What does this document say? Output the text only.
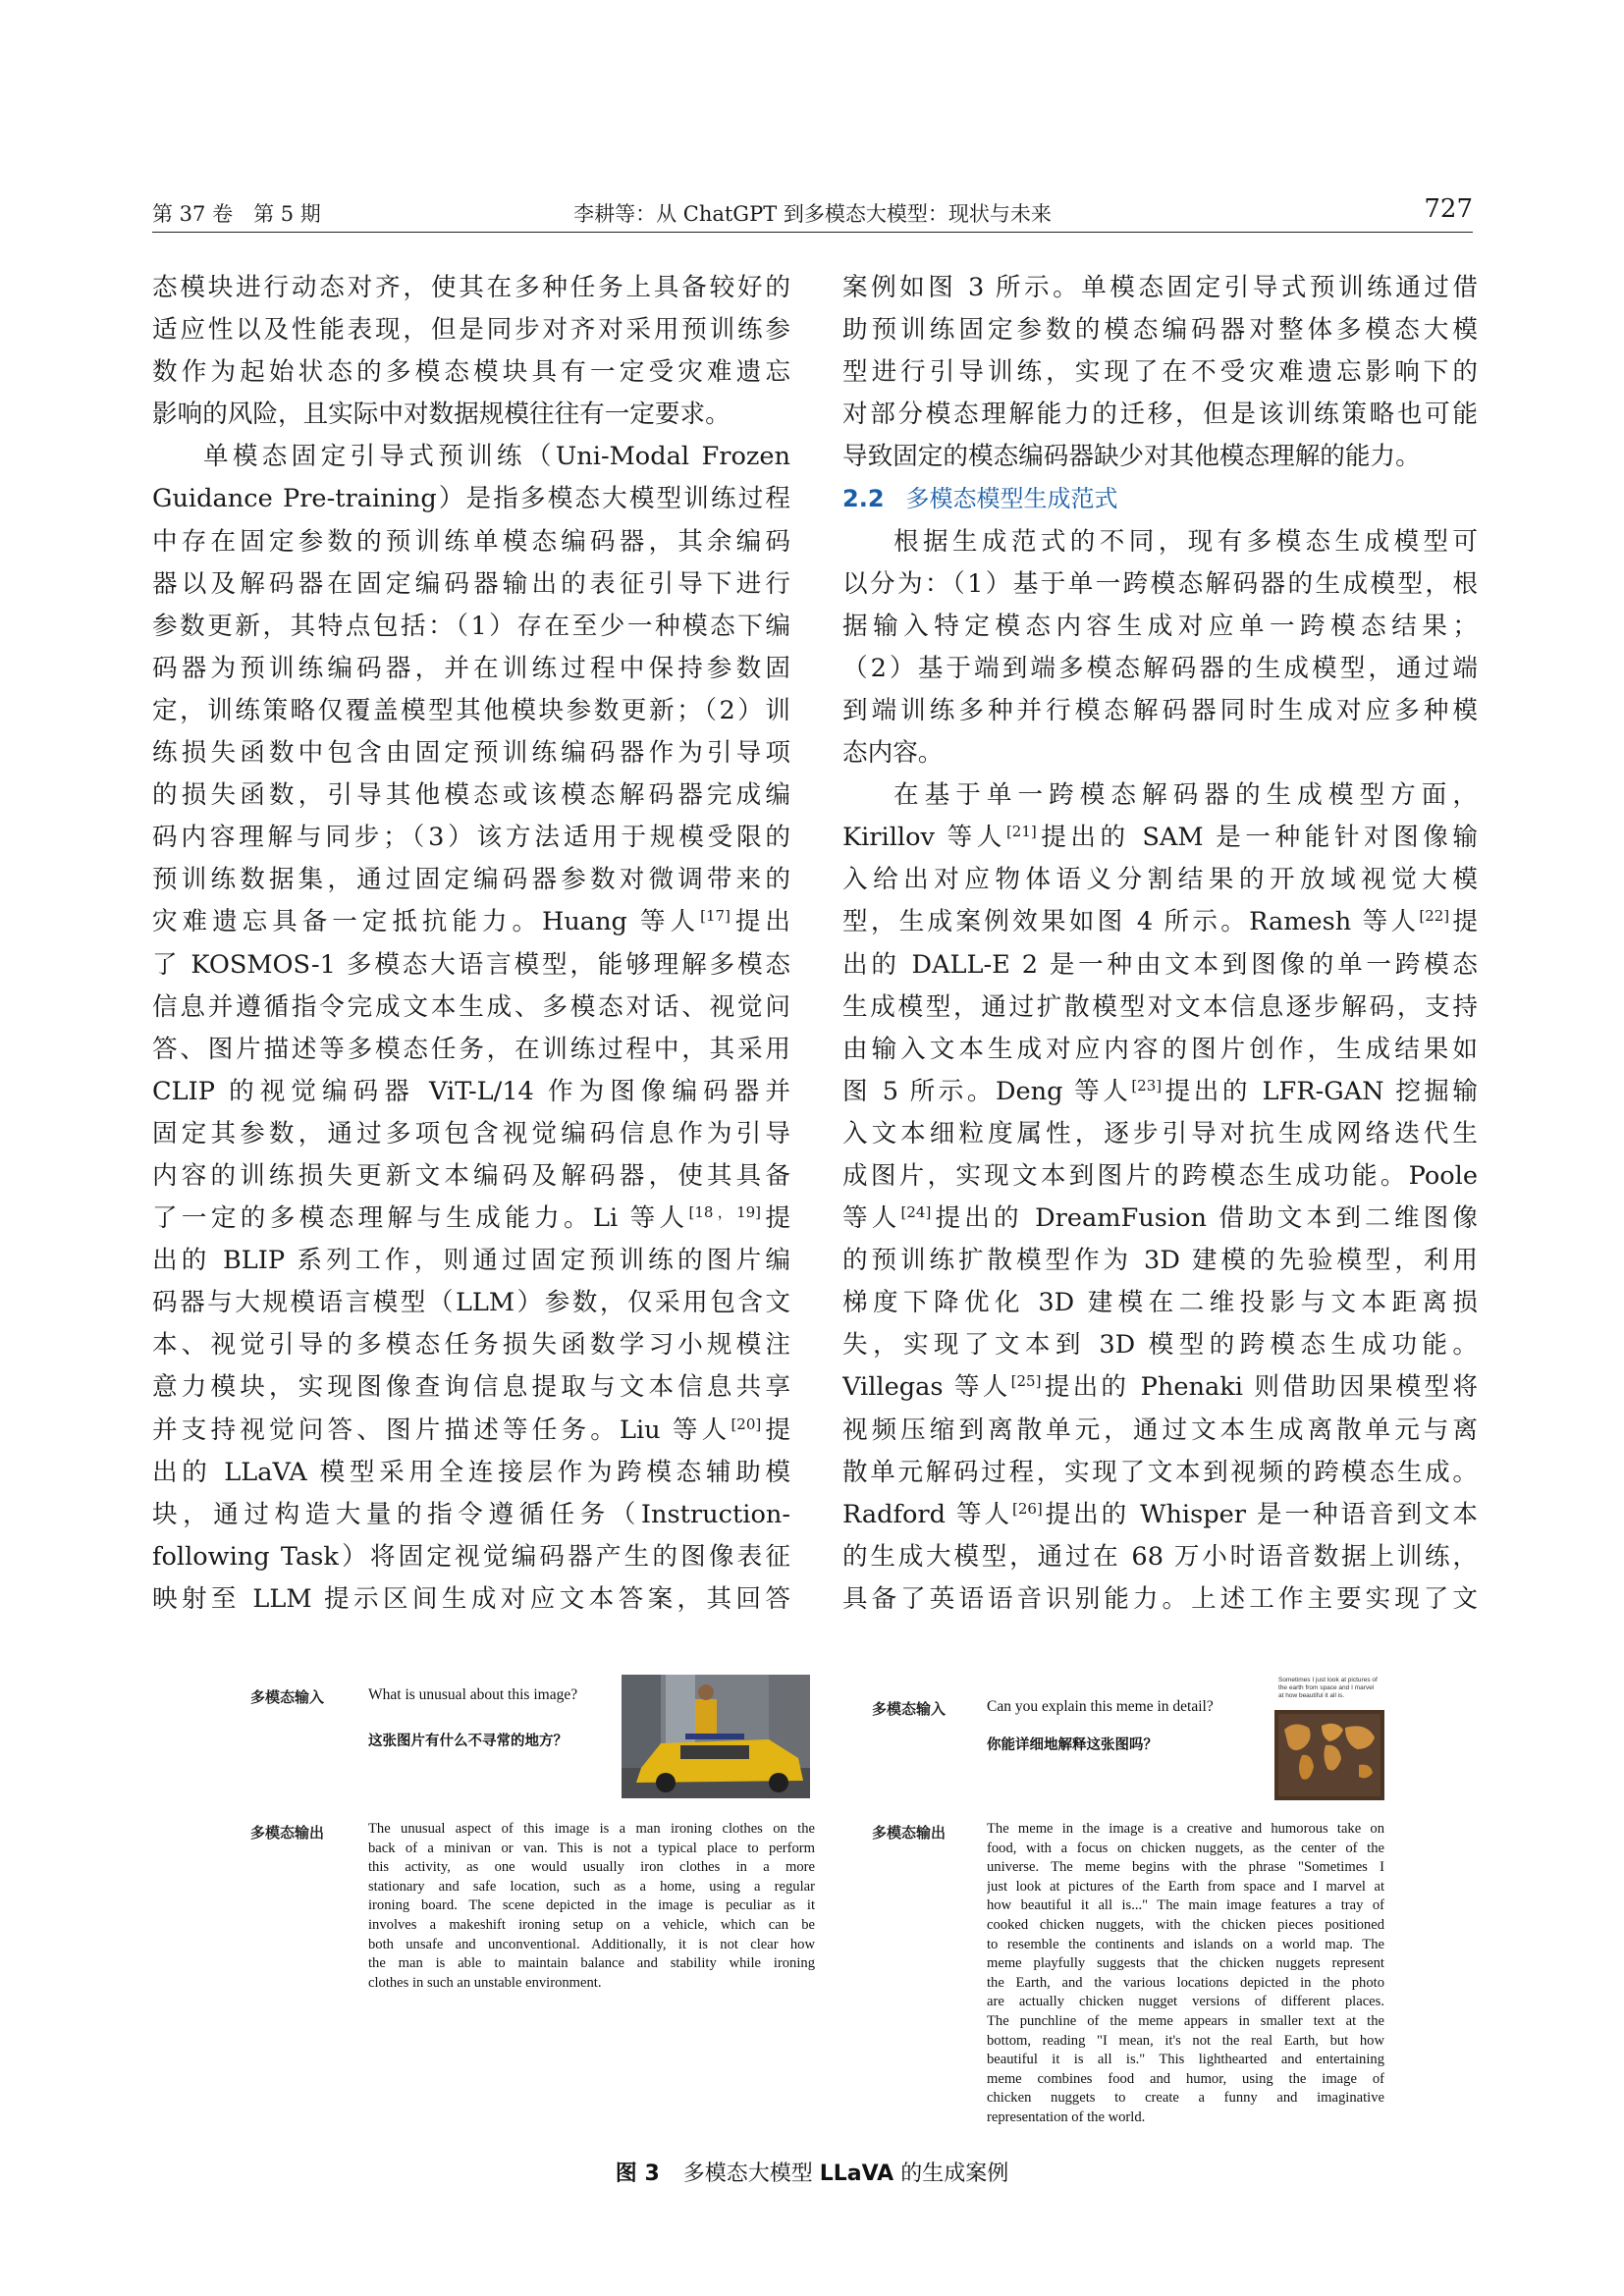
第 37 卷　第 5 期	李耕等：从 ChatGPT 到多模态大模型：现状与未来	727
态模块进行动态对齐，使其在多种任务上具备较好的
适应性以及性能表现，但是同步对齐对采用预训练参
数作为起始状态的多模态模块具有一定受灾难遗忘
影响的风险，且实际中对数据规模往往有一定要求。
单模态固定引导式预训练（Uni-Modal Frozen
Guidance Pre-training）是指多模态大模型训练过程
中存在固定参数的预训练单模态编码器，其余编码
器以及解码器在固定编码器输出的表征引导下进行
参数更新，其特点包括：（1）存在至少一种模态下编
码器为预训练编码器，并在训练过程中保持参数固
定，训练策略仅覆盖模型其他模块参数更新；（2）训
练损失函数中包含由固定预训练编码器作为引导项
的损失函数，引导其他模态或该模态解码器完成编
码内容理解与同步；（3）该方法适用于规模受限的
预训练数据集，通过固定编码器参数对微调带来的
灾难遗忘具备一定抵抗能力。Huang 等人[17]提出
了 KOSMOS-1 多模态大语言模型，能够理解多模态
信息并遵循指令完成文本生成、多模态对话、视觉问
答、图片描述等多模态任务，在训练过程中，其采用
CLIP 的视觉编码器 ViT-L/14 作为图像编码器并
固定其参数，通过多项包含视觉编码信息作为引导
内容的训练损失更新文本编码及解码器，使其具备
了一定的多模态理解与生成能力。Li 等人[18，19]提
出的 BLIP 系列工作，则通过固定预训练的图片编
码器与大规模语言模型（LLM）参数，仅采用包含文
本、视觉引导的多模态任务损失函数学习小规模注
意力模块，实现图像查询信息提取与文本信息共享
并支持视觉问答、图片描述等任务。Liu 等人[20]提
出的 LLaVA 模型采用全连接层作为跨模态辅助模
块，通过构造大量的指令遵循任务（Instruction-
following Task）将固定视觉编码器产生的图像表征
映射至 LLM 提示区间生成对应文本答案，其回答
案例如图 3 所示。单模态固定引导式预训练通过借
助预训练固定参数的模态编码器对整体多模态大模
型进行引导训练，实现了在不受灾难遗忘影响下的
对部分模态理解能力的迁移，但是该训练策略也可能
导致固定的模态编码器缺少对其他模态理解的能力。
2.2 多模态模型生成范式
根据生成范式的不同，现有多模态生成模型可
以分为：（1）基于单一跨模态解码器的生成模型，根
据输入特定模态内容生成对应单一跨模态结果；
（2）基于端到端多模态解码器的生成模型，通过端
到端训练多种并行模态解码器同时生成对应多种模
态内容。
在基于单一跨模态解码器的生成模型方面，
Kirillov 等人[21]提出的 SAM 是一种能针对图像输
入给出对应物体语义分割结果的开放域视觉大模
型，生成案例效果如图 4 所示。Ramesh 等人[22]提
出的 DALL-E 2 是一种由文本到图像的单一跨模态
生成模型，通过扩散模型对文本信息逐步解码，支持
由输入文本生成对应内容的图片创作，生成结果如
图 5 所示。Deng 等人[23]提出的 LFR-GAN 挖掘输
入文本细粒度属性，逐步引导对抗生成网络迭代生
成图片，实现文本到图片的跨模态生成功能。Poole
等人[24]提出的 DreamFusion 借助文本到二维图像
的预训练扩散模型作为 3D 建模的先验模型，利用
梯度下降优化 3D 建模在二维投影与文本距离损
失，实现了文本到 3D 模型的跨模态生成功能。
Villegas 等人[25]提出的 Phenaki 则借助因果模型将
视频压缩到离散单元，通过文本生成离散单元与离
散单元解码过程，实现了文本到视频的跨模态生成。
Radford 等人[26]提出的 Whisper 是一种语音到文本
的生成大模型，通过在 68 万小时语音数据上训练，
具备了英语语音识别能力。上述工作主要实现了文
多模态输入	What is unusual about this image?
这张图片有什么不寻常的地方？
多模态输出	The unusual aspect of this image is a man ironing clothes on the
back of a minivan or van. This is not a typical place to perform
this activity, as one would usually iron clothes in a more
stationary and safe location, such as a home, using a regular
ironing board. The scene depicted in the image is peculiar as it
involves a makeshift ironing setup on a vehicle, which can be
both unsafe and unconventional. Additionally, it is not clear how
the man is able to maintain balance and stability while ironing
clothes in such an unstable environment.
多模态输入	Can you explain this meme in detail?
你能详细地解释这张图吗？
Sometimes I just look at pictures of the earth from space and I marvel at how beautiful it all is.
多模态输出	The meme in the image is a creative and humorous take on
food, with a focus on chicken nuggets, as the center of the
universe. The meme begins with the phrase "Sometimes I
just look at pictures of the Earth from space and I marvel at
how beautiful it all is..." The main image features a tray of
cooked chicken nuggets, with the chicken pieces positioned
to resemble the continents and islands on a world map. The
meme playfully suggests that the chicken nuggets represent
the Earth, and the various locations depicted in the photo
are actually chicken nugget versions of different places.
The punchline of the meme appears in smaller text at the
bottom, reading "I mean, it's not the real Earth, but how
beautiful it is all is." This lighthearted and entertaining
meme combines food and humor, using the image of
chicken nuggets to create a funny and imaginative
representation of the world.
图 3 多模态大模型 LLaVA 的生成案例
